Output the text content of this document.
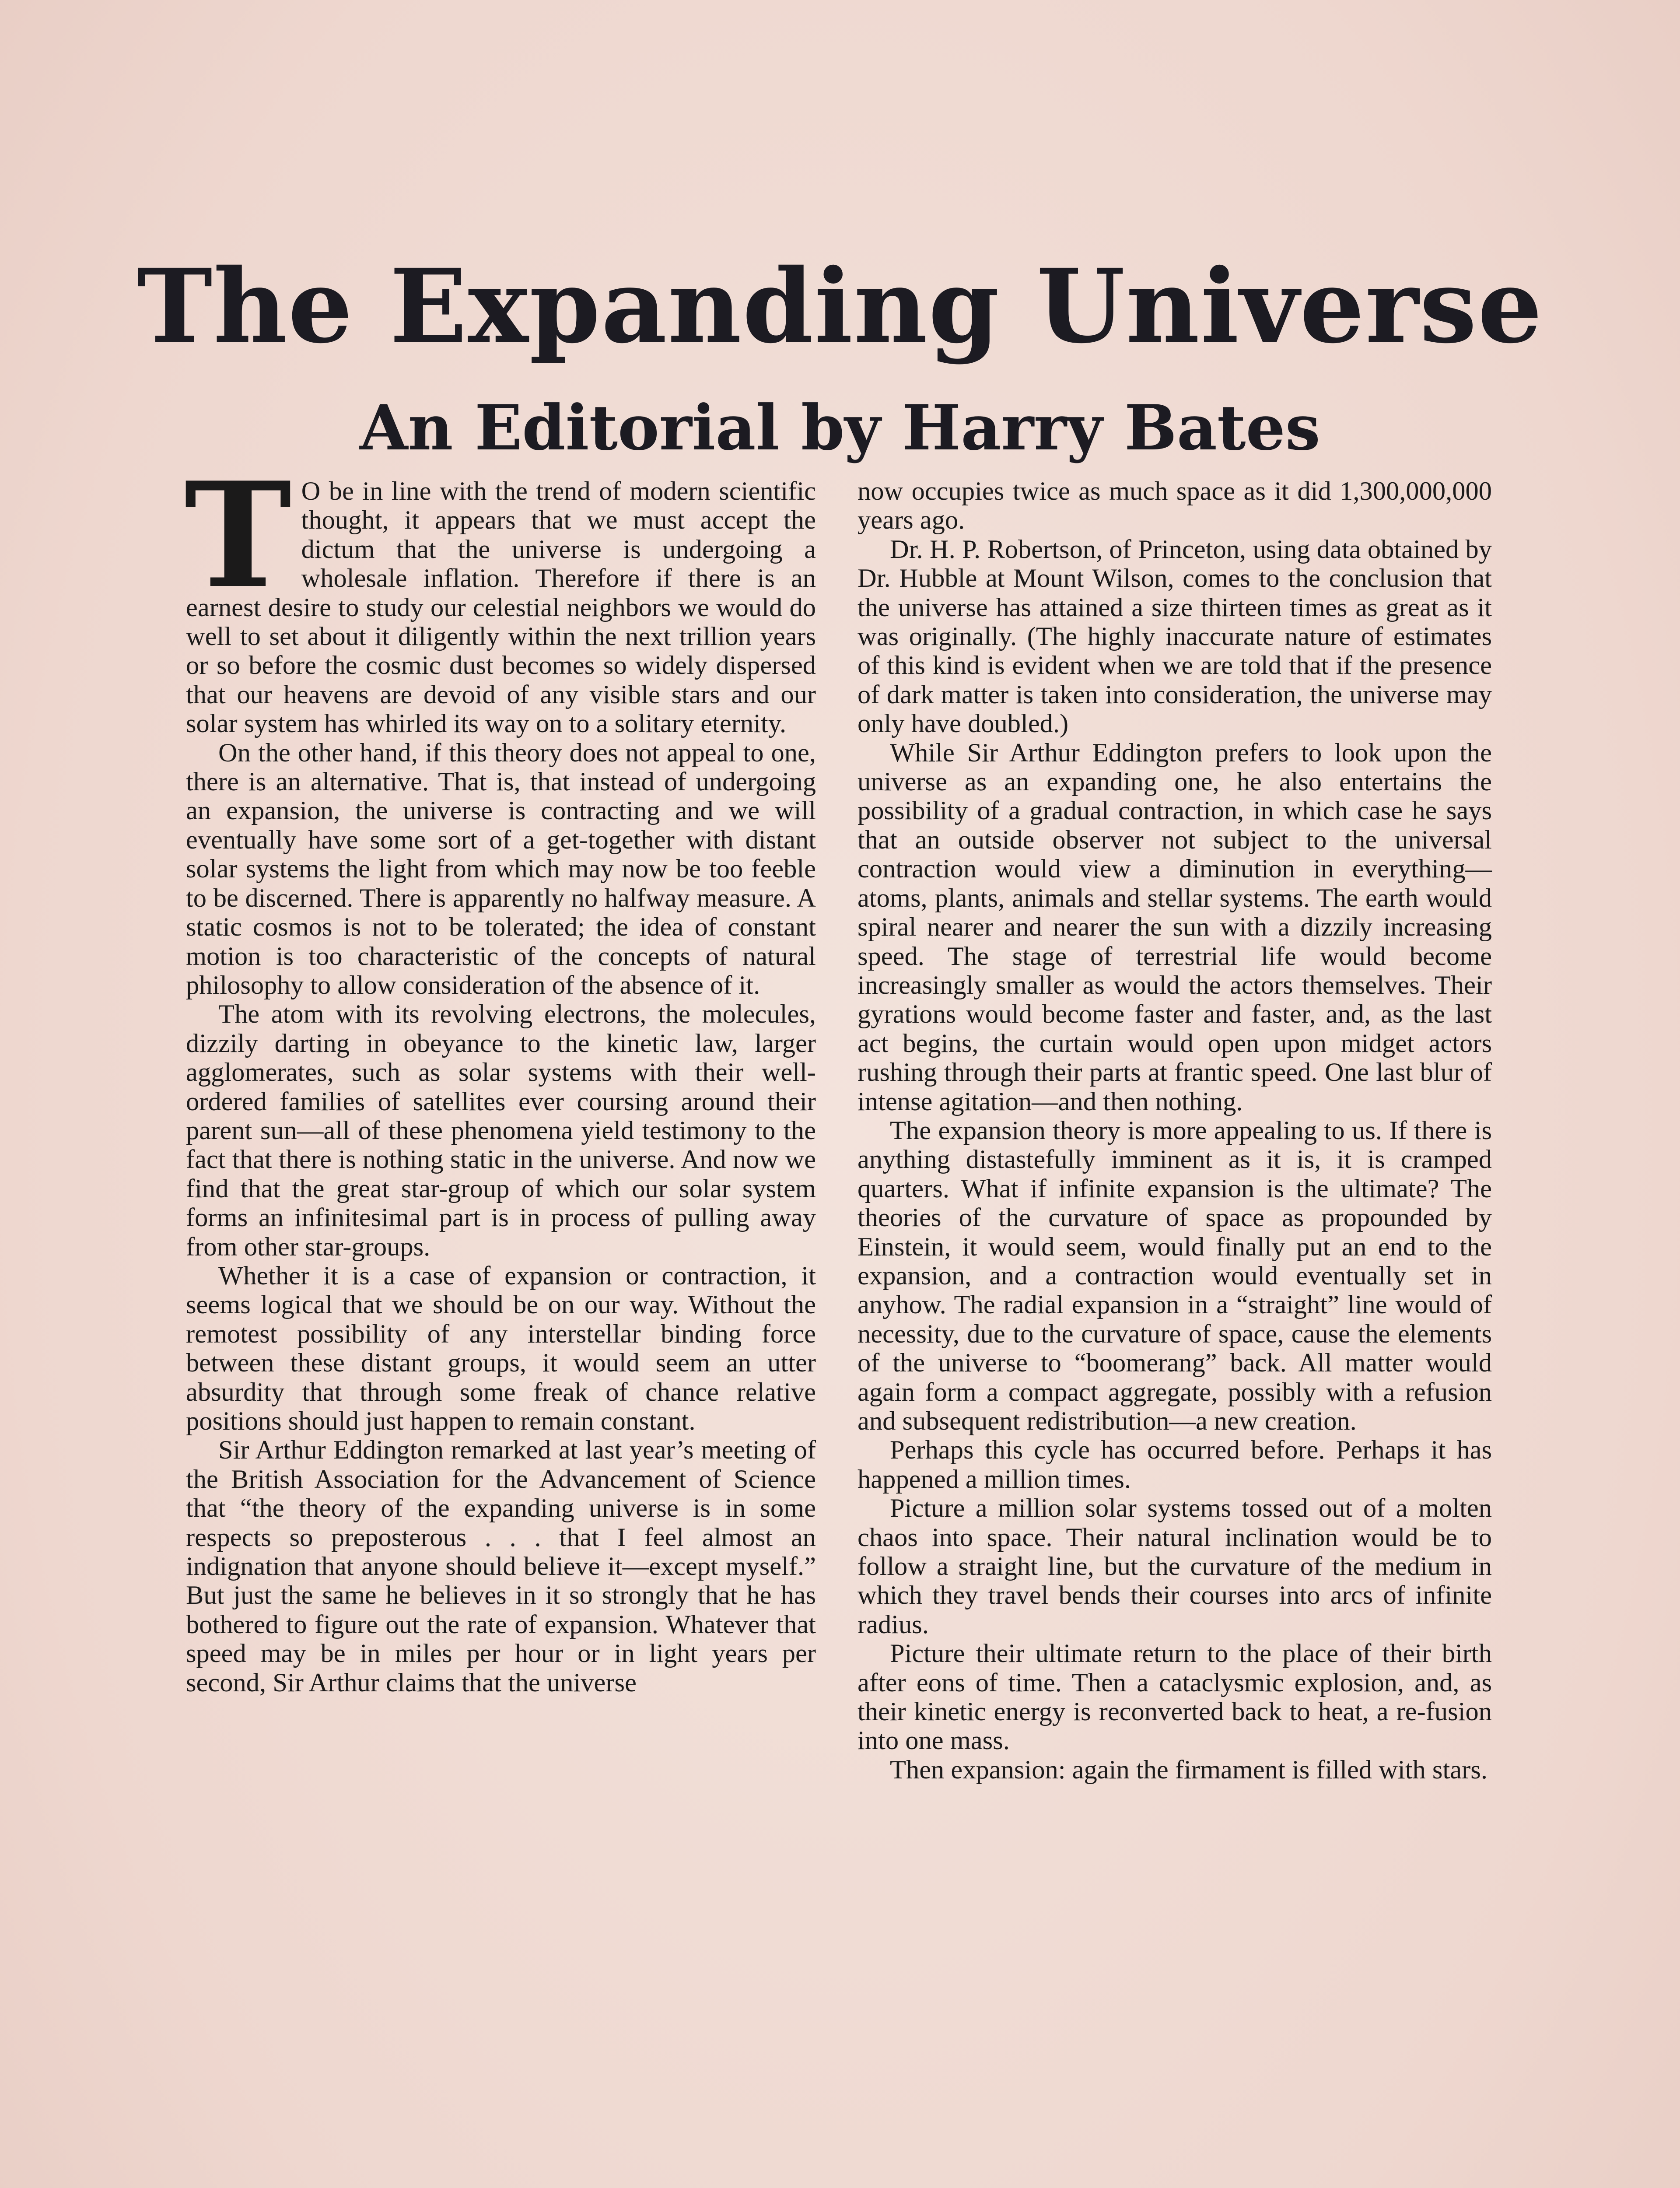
The Expanding Universe
An Editorial by Harry Bates

T O be in line with the trend of modern scientific thought, it appears that we must accept the dictum that the universe is undergoing a wholesale inflation. Therefore if there is an earnest desire to study our celestial neighbors we would do well to set about it diligently within the next trillion years or so before the cosmic dust becomes so widely dispersed that our heavens are devoid of any visible stars and our solar system has whirled its way on to a solitary eternity.

On the other hand, if this theory does not appeal to one, there is an alternative. That is, that instead of undergoing an expansion, the universe is contracting and we will eventually have some sort of a get-together with distant solar systems the light from which may now be too feeble to be discerned. There is apparently no halfway measure. A static cosmos is not to be tolerated; the idea of constant motion is too characteristic of the concepts of natural philosophy to allow consideration of the absence of it.

The atom with its revolving electrons, the molecules, dizzily darting in obeyance to the kinetic law, larger agglomerates, such as solar systems with their well-ordered families of satellites ever coursing around their parent sun—all of these phenomena yield testimony to the fact that there is nothing static in the universe. And now we find that the great star-group of which our solar system forms an infinitesimal part is in process of pulling away from other star-groups.

Whether it is a case of expansion or contraction, it seems logical that we should be on our way. Without the remotest possibility of any interstellar binding force between these distant groups, it would seem an utter absurdity that through some freak of chance relative positions should just happen to remain constant.

Sir Arthur Eddington remarked at last year’s meeting of the British Association for the Advancement of Science that “the theory of the expanding universe is in some respects so preposterous . . . that I feel almost an indignation that anyone should believe it—except myself.” But just the same he believes in it so strongly that he has bothered to figure out the rate of expansion. Whatever that speed may be in miles per hour or in light years per second, Sir Arthur claims that the universe

now occupies twice as much space as it did 1,300,000,000 years ago.

Dr. H. P. Robertson, of Princeton, using data obtained by Dr. Hubble at Mount Wilson, comes to the conclusion that the universe has attained a size thirteen times as great as it was originally. (The highly inaccurate nature of estimates of this kind is evident when we are told that if the presence of dark matter is taken into consideration, the universe may only have doubled.)

While Sir Arthur Eddington prefers to look upon the universe as an expanding one, he also entertains the possibility of a gradual contraction, in which case he says that an outside observer not subject to the universal contraction would view a diminution in everything—atoms, plants, animals and stellar systems. The earth would spiral nearer and nearer the sun with a dizzily increasing speed. The stage of terrestrial life would become increasingly smaller as would the actors themselves. Their gyrations would become faster and faster, and, as the last act begins, the curtain would open upon midget actors rushing through their parts at frantic speed. One last blur of intense agitation—and then nothing.

The expansion theory is more appealing to us. If there is anything distastefully imminent as it is, it is cramped quarters. What if infinite expansion is the ultimate? The theories of the curvature of space as propounded by Einstein, it would seem, would finally put an end to the expansion, and a contraction would eventually set in anyhow. The radial expansion in a “straight” line would of necessity, due to the curvature of space, cause the elements of the universe to “boomerang” back. All matter would again form a compact aggregate, possibly with a refusion and subsequent redistribution—a new creation.

Perhaps this cycle has occurred before. Perhaps it has happened a million times.

Picture a million solar systems tossed out of a molten chaos into space. Their natural inclination would be to follow a straight line, but the curvature of the medium in which they travel bends their courses into arcs of infinite radius.

Picture their ultimate return to the place of their birth after eons of time. Then a cataclysmic explosion, and, as their kinetic energy is reconverted back to heat, a re-fusion into one mass.

Then expansion: again the firmament is filled with stars.
